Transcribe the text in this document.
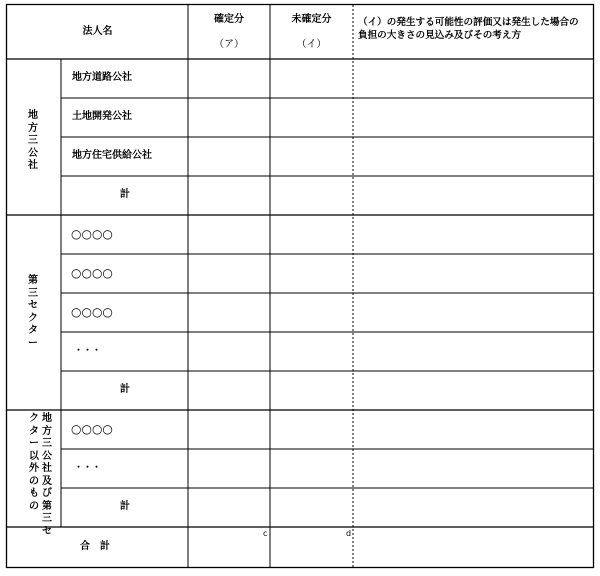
法人名
確定分
（ア）
未確定分
（イ）
（イ）の発生する可能性の評価又は発生した場合の
負担の大きさの見込み及びその考え方
地方三公社
地方道路公社
土地開発公社
地方住宅供給公社
計
第三セクター
○○○○
○○○○
○○○○
・・・
計
クター以外のもの
地方三公社及び第三セ
○○○○
・・・
計
合　計
c	d
